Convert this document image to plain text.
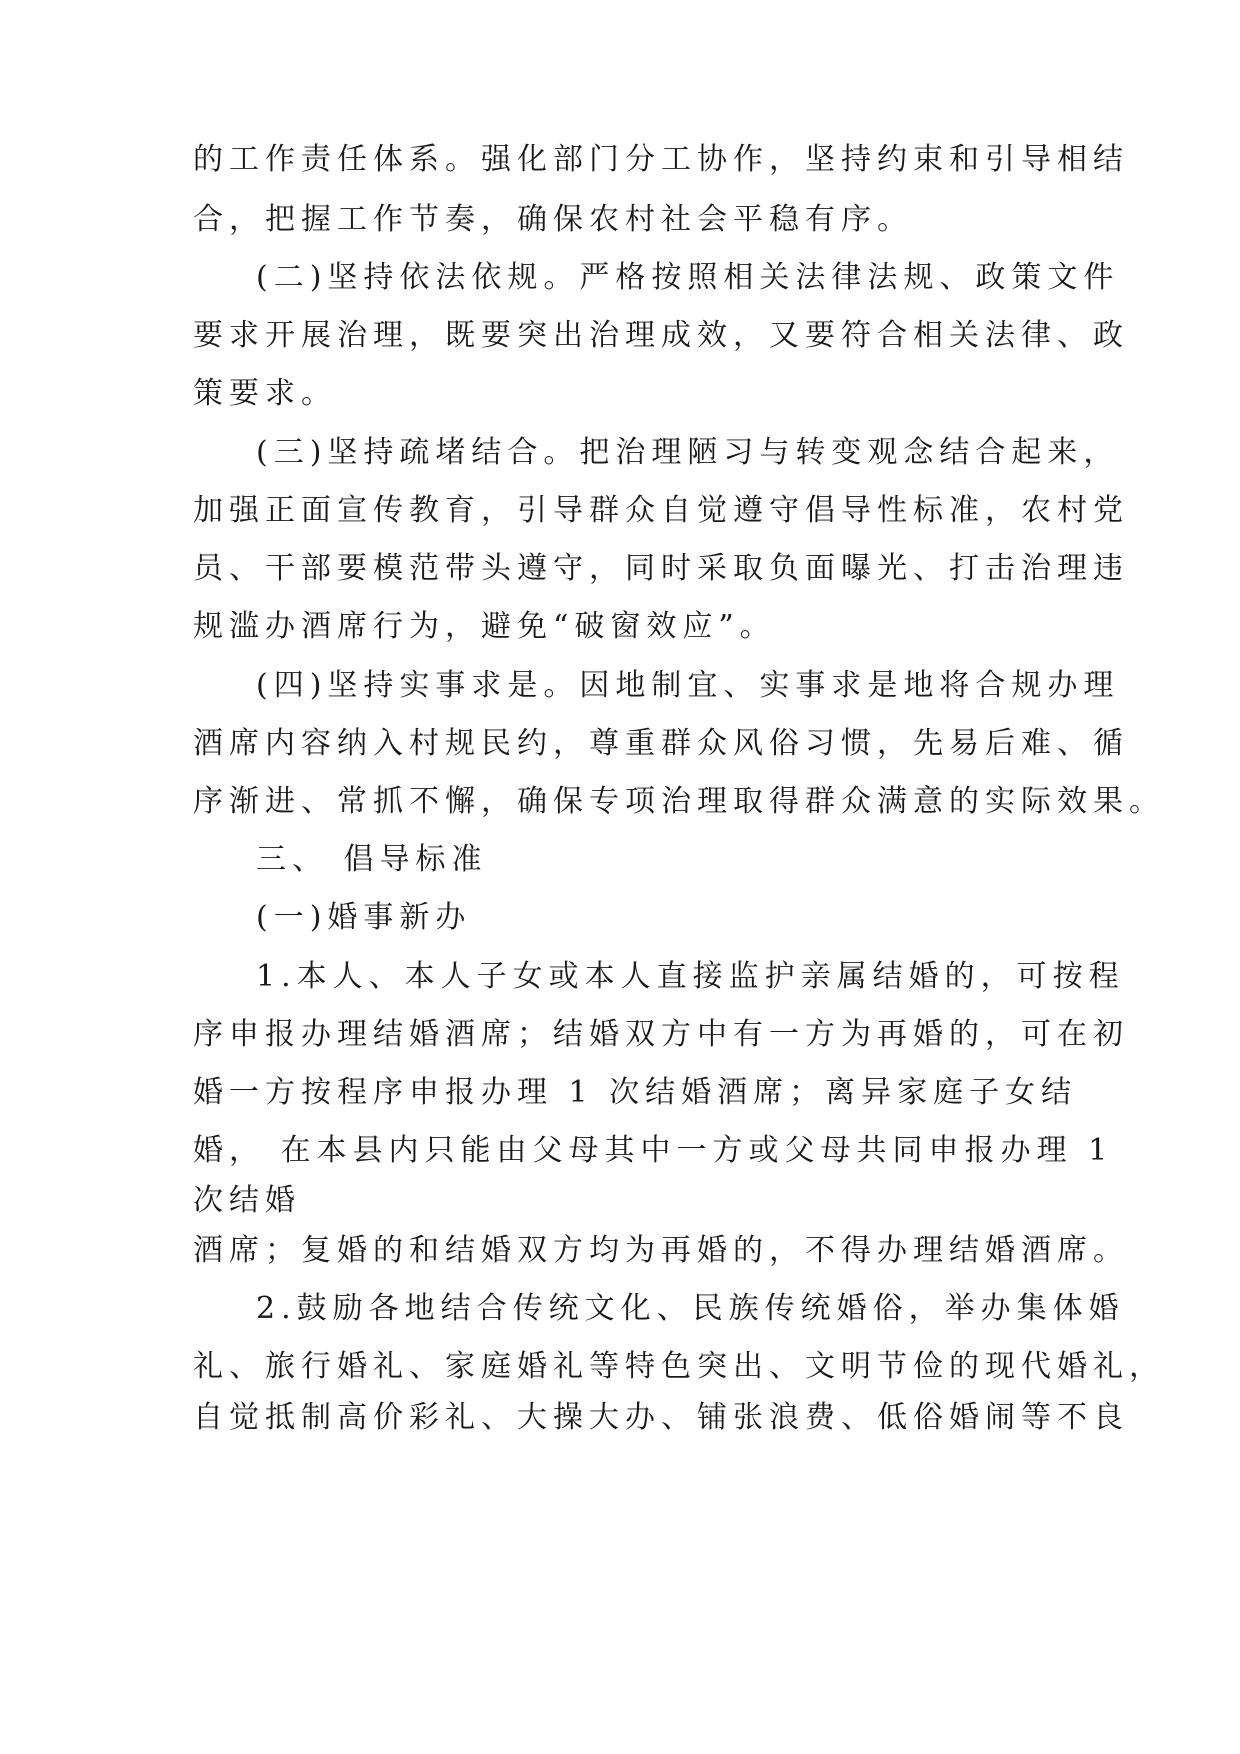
的工作责任体系。强化部门分工协作，坚持约束和引导相结

合，把握工作节奏，确保农村社会平稳有序。

(二)坚持依法依规。严格按照相关法律法规、政策文件

要求开展治理，既要突出治理成效，又要符合相关法律、政

策要求。

(三)坚持疏堵结合。把治理陋习与转变观念结合起来，

加强正面宣传教育，引导群众自觉遵守倡导性标准，农村党

员、干部要模范带头遵守，同时采取负面曝光、打击治理违

规滥办酒席行为，避免“破窗效应”。

(四)坚持实事求是。因地制宜、实事求是地将合规办理

酒席内容纳入村规民约，尊重群众风俗习惯，先易后难、循

序渐进、常抓不懈，确保专项治理取得群众满意的实际效果。

三、 倡导标准

(一)婚事新办

1.本人、本人子女或本人直接监护亲属结婚的，可按程

序申报办理结婚酒席；结婚双方中有一方为再婚的，可在初

婚一方按程序申报办理 1 次结婚酒席；离异家庭子女结

婚， 在本县内只能由父母其中一方或父母共同申报办理 1

次结婚

酒席；复婚的和结婚双方均为再婚的，不得办理结婚酒席。

2.鼓励各地结合传统文化、民族传统婚俗，举办集体婚

礼、旅行婚礼、家庭婚礼等特色突出、文明节俭的现代婚礼，

自觉抵制高价彩礼、大操大办、铺张浪费、低俗婚闹等不良
